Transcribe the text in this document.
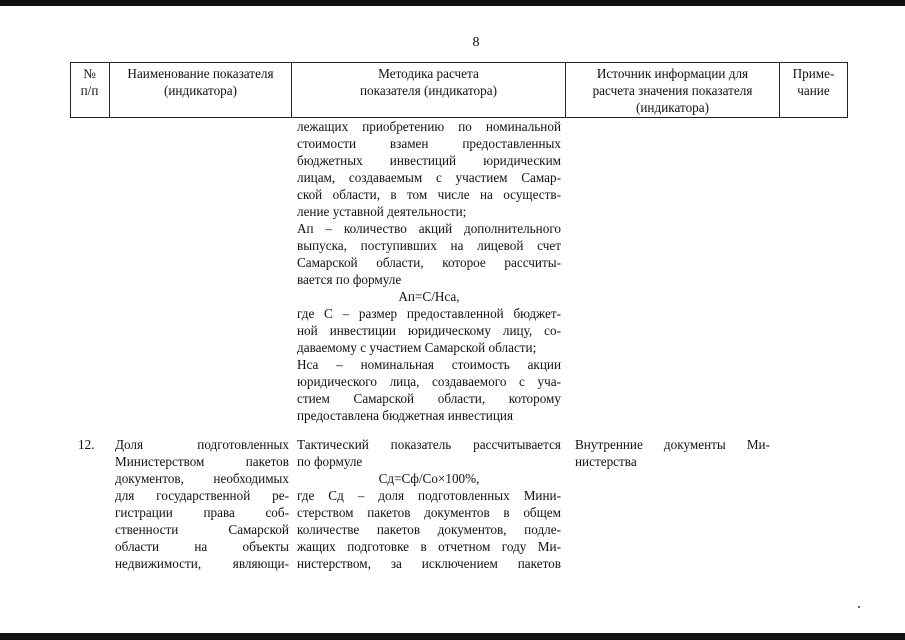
8
№
п/п
Наименование показателя
(индикатора)
Методика расчета
показателя (индикатора)
Источник информации для
расчета значения показателя
(индикатора)
Приме-
чание
лежащих приобретению по номинальной
стоимости взамен предоставленных
бюджетных инвестиций юридическим
лицам, создаваемым с участием Самар-
ской области, в том числе на осуществ-
ление уставной деятельности;
Ап – количество акций дополнительного
выпуска, поступивших на лицевой счет
Самарской области, которое рассчиты-
вается по формуле
Ап=С/Нса,
где С – размер предоставленной бюджет-
ной инвестиции юридическому лицу, со-
даваемому с участием Самарской области;
Нса – номинальная стоимость акции
юридического лица, создаваемого с уча-
стием Самарской области, которому
предоставлена бюджетная инвестиция
12.	Доля подготовленных
Министерством пакетов
документов, необходимых
для государственной ре-
гистрации права соб-
ственности Самарской
области на объекты
недвижимости, являющи-
Тактический показатель рассчитывается
по формуле
Сд=Сф/Со×100%,
где Сд – доля подготовленных Мини-
стерством пакетов документов в общем
количестве пакетов документов, подле-
жащих подготовке в отчетном году Ми-
нистерством, за исключением пакетов
Внутренние документы Ми-
нистерства
